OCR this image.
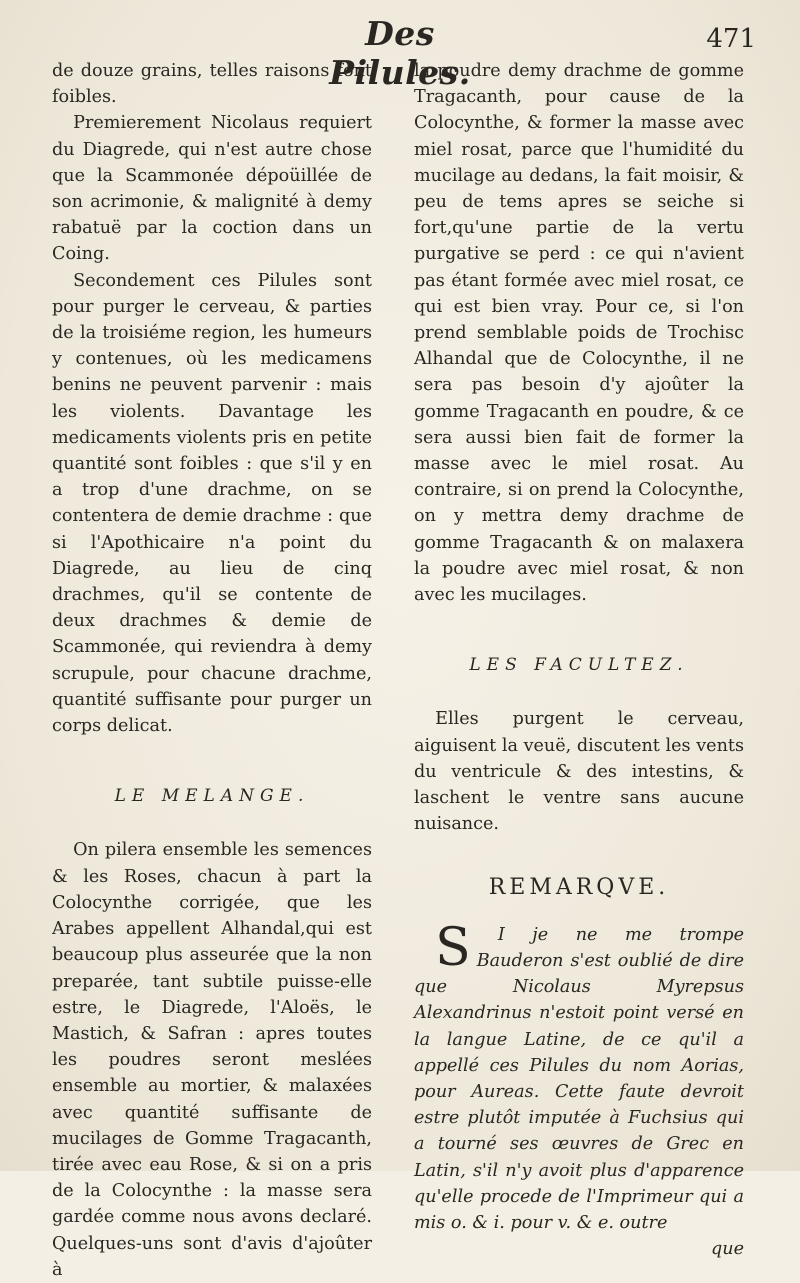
Des Pilules.
471

de douze grains, telles raisons font foibles.

Premierement Nicolaus requiert du Diagrede, qui n'est autre chose que la Scammonée dépoüillée de son acrimonie, & malignité à demy rabatuë par la coction dans un Coing.

Secondement ces Pilules sont pour purger le cerveau, & parties de la troisiéme region, les humeurs y contenues, où les medicamens benins ne peuvent parvenir : mais les violents. Davantage les medicaments violents pris en petite quantité sont foibles : que s'il y en a trop d'une drachme, on se contentera de demie drachme : que si l'Apothicaire n'a point du Diagrede, au lieu de cinq drachmes, qu'il se contente de deux drachmes & demie de Scammonée, qui reviendra à demy scrupule, pour chacune drachme, quantité suffisante pour purger un corps delicat.

LE MELANGE.

On pilera ensemble les semences & les Roses, chacun à part la Colocynthe corrigée, que les Arabes appellent Alhandal,qui est beaucoup plus asseurée que la non preparée, tant subtile puisse-elle estre, le Diagrede, l'Aloës, le Mastich, & Safran : apres toutes les poudres seront meslées ensemble au mortier, & malaxées avec quantité suffisante de mucilages de Gomme Tragacanth, tirée avec eau Rose, & si on a pris de la Colocynthe : la masse sera gardée comme nous avons declaré. Quelques-uns sont d'avis d'ajoûter à

la poudre demy drachme de gomme Tragacanth, pour cause de la Colocynthe, & former la masse avec miel rosat, parce que l'humidité du mucilage au dedans, la fait moisir, & peu de tems apres se seiche si fort,qu'une partie de la vertu purgative se perd : ce qui n'avient pas étant formée avec miel rosat, ce qui est bien vray. Pour ce, si l'on prend semblable poids de Trochisc Alhandal que de Colocynthe, il ne sera pas besoin d'y ajoûter la gomme Tragacanth en poudre, & ce sera aussi bien fait de former la masse avec le miel rosat. Au contraire, si on prend la Colocynthe, on y mettra demy drachme de gomme Tragacanth & on malaxera la poudre avec miel rosat, & non avec les mucilages.

LES FACULTEZ.

Elles purgent le cerveau, aiguisent la veuë, discutent les vents du ventricule & des intestins, & laschent le ventre sans aucune nuisance.

REMARQVE.

S I je ne me trompe Bauderon s'est oublié de dire que Nicolaus Myrepsus Alexandrinus n'estoit point versé en la langue Latine, de ce qu'il a appellé ces Pilules du nom Aorias, pour Aureas. Cette faute devroit estre plutôt imputée à Fuchsius qui a tourné ses œuvres de Grec en Latin, s'il n'y avoit plus d'apparence qu'elle procede de l'Imprimeur qui a mis o. & i. pour v. & e. outre

que
